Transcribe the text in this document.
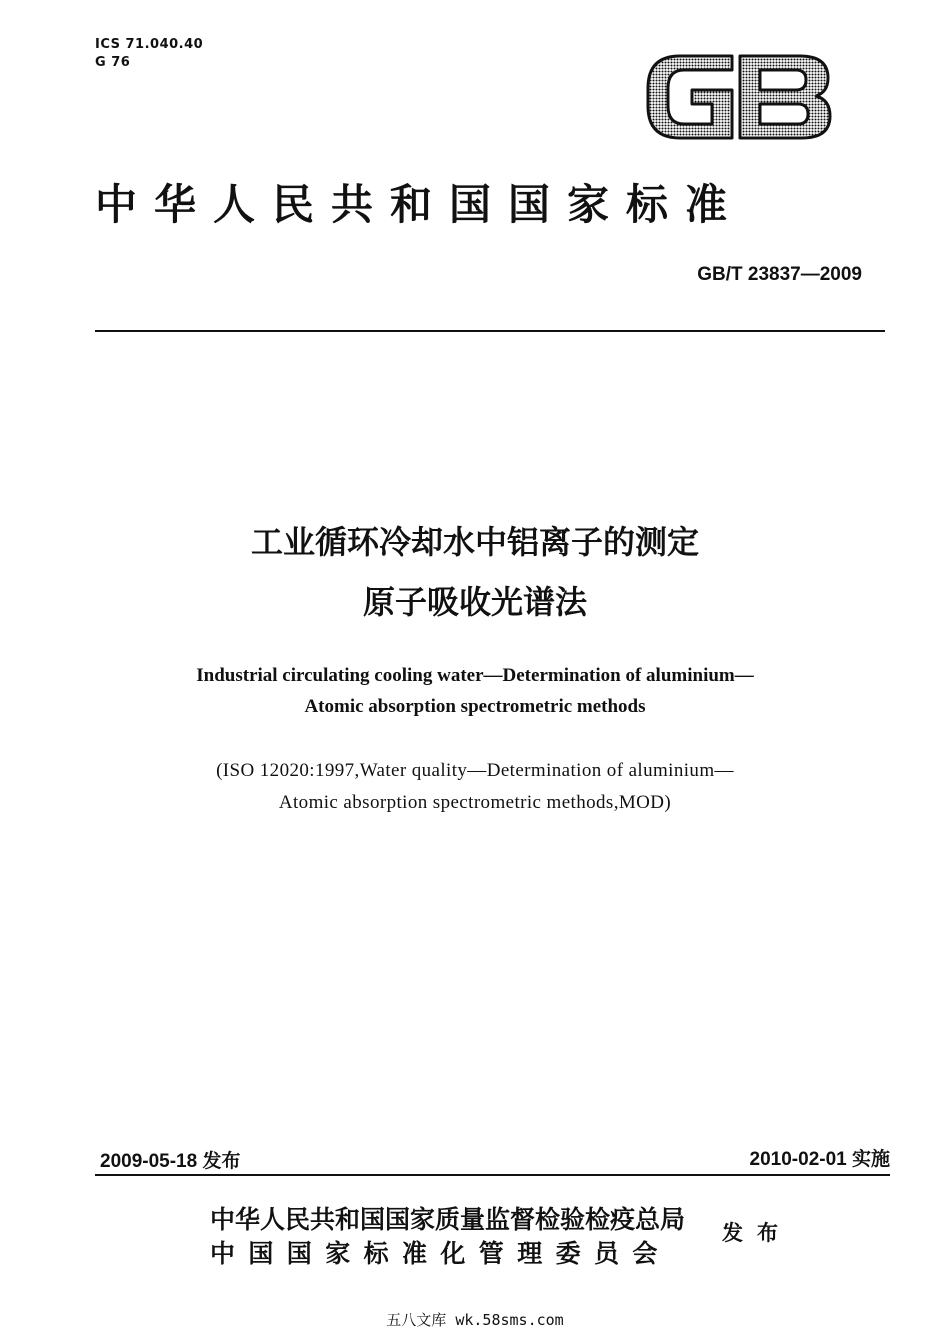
ICS 71.040.40
G 76
中华人民共和国国家标准
GB/T 23837—2009
工业循环冷却水中铝离子的测定
原子吸收光谱法
Industrial circulating cooling water—Determination of aluminium—
Atomic absorption spectrometric methods
(ISO 12020:1997,Water quality—Determination of aluminium—
Atomic absorption spectrometric methods,MOD)
2009-05-18 发布	2010-02-01 实施
中华人民共和国国家质量监督检验检疫总局
中国国家标准化管理委员会
发布
五八文库 wk.58sms.com
